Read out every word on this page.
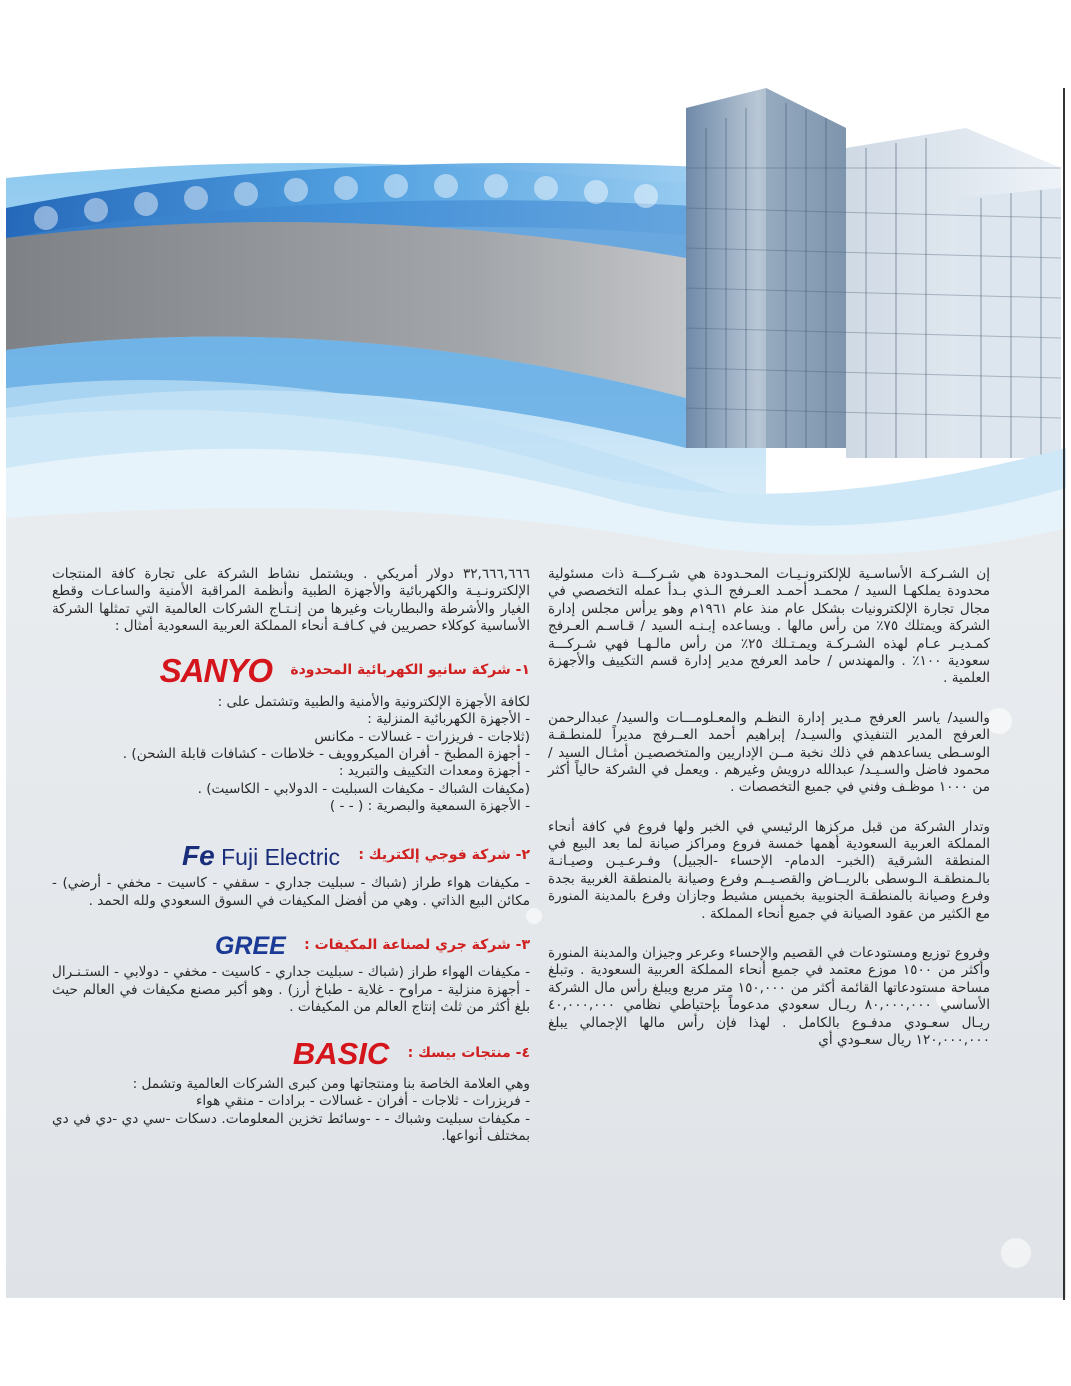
إن الشـركـة الأساسـية للإلكترونـيـات المحـدودة هي شـركـــة ذات مسئولية محدودة يملكهـا السيد / محمـد أحمـد العـرفج الـذي بـدأ عمله التخصصي في مجال تجارة الإلكترونيات بشكل عام منذ عام ١٩٦١م وهو يرأس مجلس إدارة الشركة ويمتلك ٧٥٪ من رأس مالها . ويساعده إبـنـه السيد / قـاسـم العـرفج كمـديـر عـام لهذه الشـركـة ويمـتـلك ٢٥٪ من رأس مالـهـا فهي شـركـــة سعودية ١٠٠٪ . والمهندس / حامد العرفج مدير إدارة قسم التكييف والأجهزة العلمية .

والسيد/ ياسر العرفج مـدير إدارة النظـم والمعـلومـــات والسيد/ عبدالرحمن العرفج المدير التنفيذي والسيـد/ إبراهيم أحمد العــرفج مديراً للمنطـقـة الوسـطى يساعدهم في ذلك نخبة مــن الإداريين والمتخصصيـن أمثـال السيد / محمود فاضل والسـيـد/ عبدالله درويش وغيرهم . ويعمل في الشركة حالياً أكثر من ١٠٠٠ موظـف وفني في جميع التخصصات .

وتدار الشركة من قبل مركزها الرئيسي في الخبر ولها فروع في كافة أنحاء المملكة العربية السعودية أهمها خمسة فروع ومراكز صيانة لما بعد البيع في المنطقة الشرقية (الخبر- الدمام- الإحساء -الجبيل) وفـرعـيـن وصيـانـة بالـمنطقـة الـوسطى بالريــاض والقصـيــم وفرع وصيانة بالمنطقة الغربية بجدة وفرع وصيانة بالمنطقـة الجنوبية بخميس مشيط وجازان وفرع بالمدينة المنورة مع الكثير من عقود الصيانة في جميع أنحاء المملكة .

وفروع توزيع ومستودعات في القصيم والإحساء وعرعر وجيزان والمدينة المنورة وأكثر من ١٥٠٠ موزع معتمد في جميع أنحاء المملكة العربية السعودية . وتبلغ مساحة مستودعاتها القائمة أكثر من ١٥٠,٠٠٠ متر مربع ويبلغ رأس مال الشركة الأساسي ٨٠,٠٠٠,٠٠٠ ريـال سعودي مدعوماً بإحتياطي نظامي ٤٠,٠٠٠,٠٠٠ ريـال سعـودي مدفـوع بالكامل . لهذا فإن رأس مالها الإجمالي يبلغ ١٢٠,٠٠٠,٠٠٠ ريال سعـودي أي

٣٢,٦٦٦,٦٦٦ دولار أمريكي . ويشتمل نشاط الشركة على تجارة كافة المنتجات الإلكترونـيـة والكهربائية والأجهزة الطبية وأنظمة المراقبة الأمنية والساعـات وقطع الغيار والأشرطة والبطاريات وغيرها من إنـتـاج الشركات العالمية التي تمثلها الشركة الأساسية كوكلاء حصريين في كـافـة أنحاء المملكة العربية السعودية أمثال :

١- شركة سانيو الكهربائية المحدودة SANYO
لكافة الأجهزة الإلكترونية والأمنية والطبية وتشتمل على :
- الأجهزة الكهربائية المنزلية :
(ثلاجات - فريزرات - غسالات - مكانس
- أجهزة المطبخ - أفران الميكروويف - خلاطات - كشافات قابلة الشحن) .
- أجهزة ومعدات التكييف والتبريد :
(مكيفات الشباك - مكيفات السبليت - الدولابي - الكاسيت) .
- الأجهزة السمعية والبصرية : ( - - )
٢- شركة فوجي إلكتريك : Fe Fuji Electric

- مكيفات هواء طراز (شباك - سبليت جداري - سقفي - كاسيت - مخفي - أرضي) - مكائن البيع الذاتي . وهي من أفضل المكيفات في السوق السعودي ولله الحمد .

٣- شركة جري لصناعة المكيفات : GREE

- مكيفات الهواء طراز (شباك - سبليت جداري - كاسيت - مخفي - دولابي - الستـنـرال - أجهزة منزلية - مراوح - غلاية - طباخ أرز) . وهو أكبر مصنع مكيفات في العالم حيث بلغ أكثر من ثلث إنتاج العالم من المكيفات .

٤- منتجات بيسك : BASIC
وهي العلامة الخاصة بنا ومنتجاتها ومن كبرى الشركات العالمية وتشمل :
- فريزرات - ثلاجات - أفران - غسالات - برادات - منقي هواء
- مكيفات سبليت وشباك - - -وسائط تخزين المعلومات. دسكات -سي دي -دي في دي بمختلف أنواعها.
